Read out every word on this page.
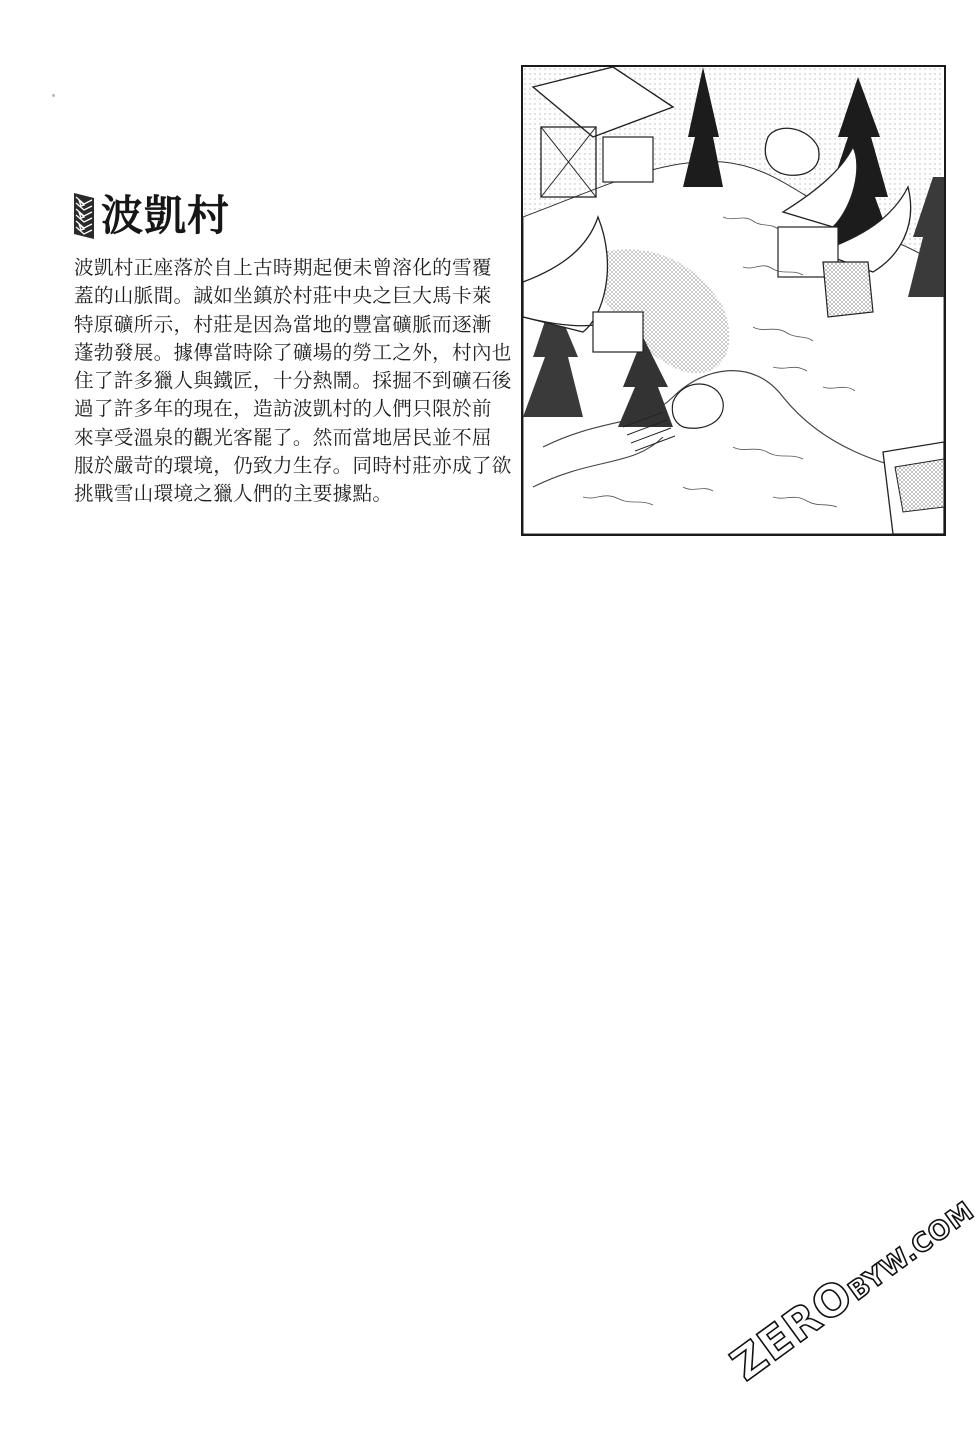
波凱村
波凱村正座落於自上古時期起便未曾溶化的雪覆
蓋的山脈間。誠如坐鎮於村莊中央之巨大馬卡萊
特原礦所示，村莊是因為當地的豐富礦脈而逐漸
蓬勃發展。據傳當時除了礦場的勞工之外，村內也
住了許多獵人與鐵匠，十分熱鬧。採掘不到礦石後
過了許多年的現在，造訪波凱村的人們只限於前
來享受溫泉的觀光客罷了。然而當地居民並不屈
服於嚴苛的環境，仍致力生存。同時村莊亦成了欲
挑戰雪山環境之獵人們的主要據點。
ZEROBYW.COM
